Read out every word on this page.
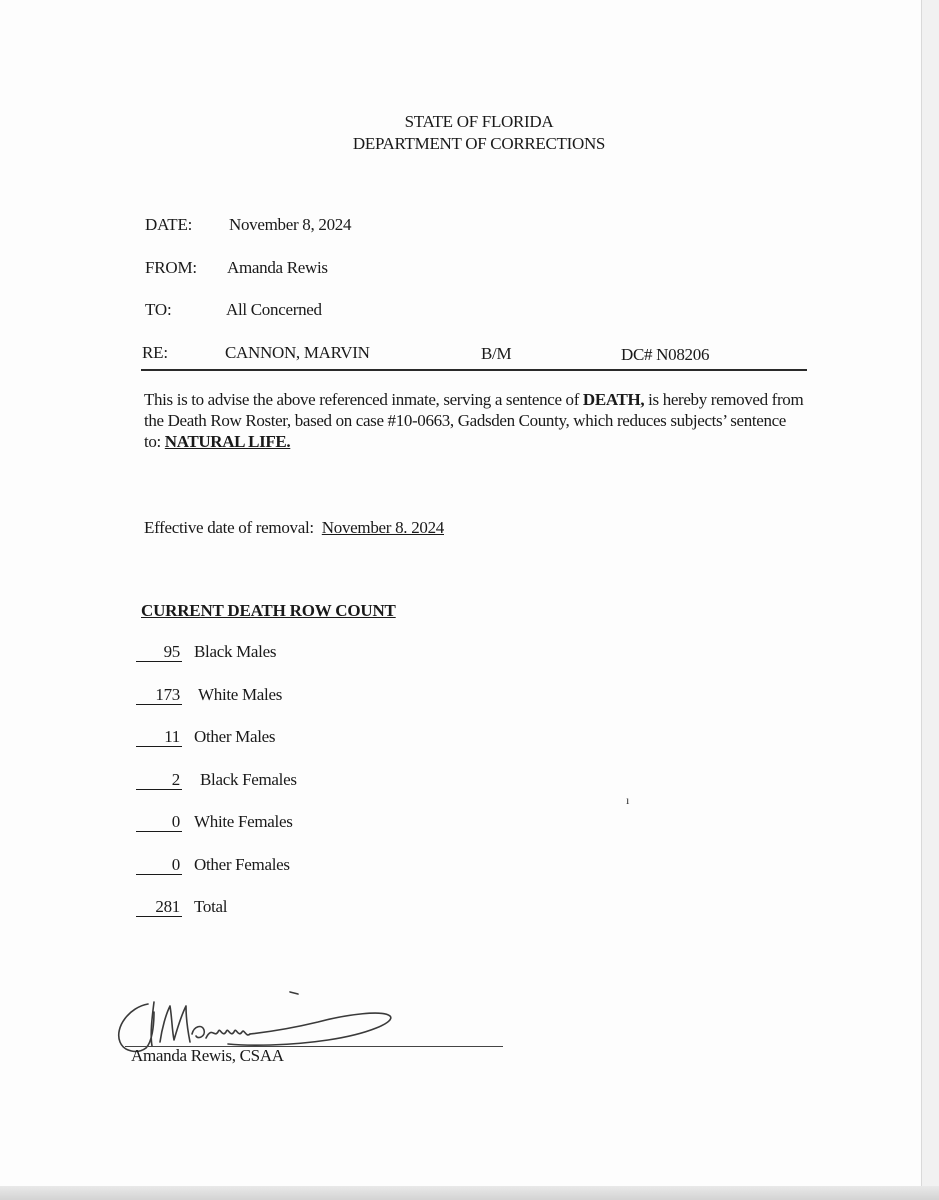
STATE OF FLORIDA
DEPARTMENT OF CORRECTIONS
DATE: November 8, 2024
FROM: Amanda Rewis
TO:	All Concerned
RE:	CANNON, MARVIN	B/M	DC# N08206
This is to advise the above referenced inmate, serving a sentence of DEATH, is hereby removed from the Death Row Roster, based on case #10-0663, Gadsden County, which reduces subjects’ sentence to: NATURAL LIFE.
Effective date of removal: November 8. 2024
CURRENT DEATH ROW COUNT
95 Black Males
173 White Males
11 Other Males
2 Black Females
0 White Females
0 Other Females
281 Total
ı
Amanda Rewis, CSAA
